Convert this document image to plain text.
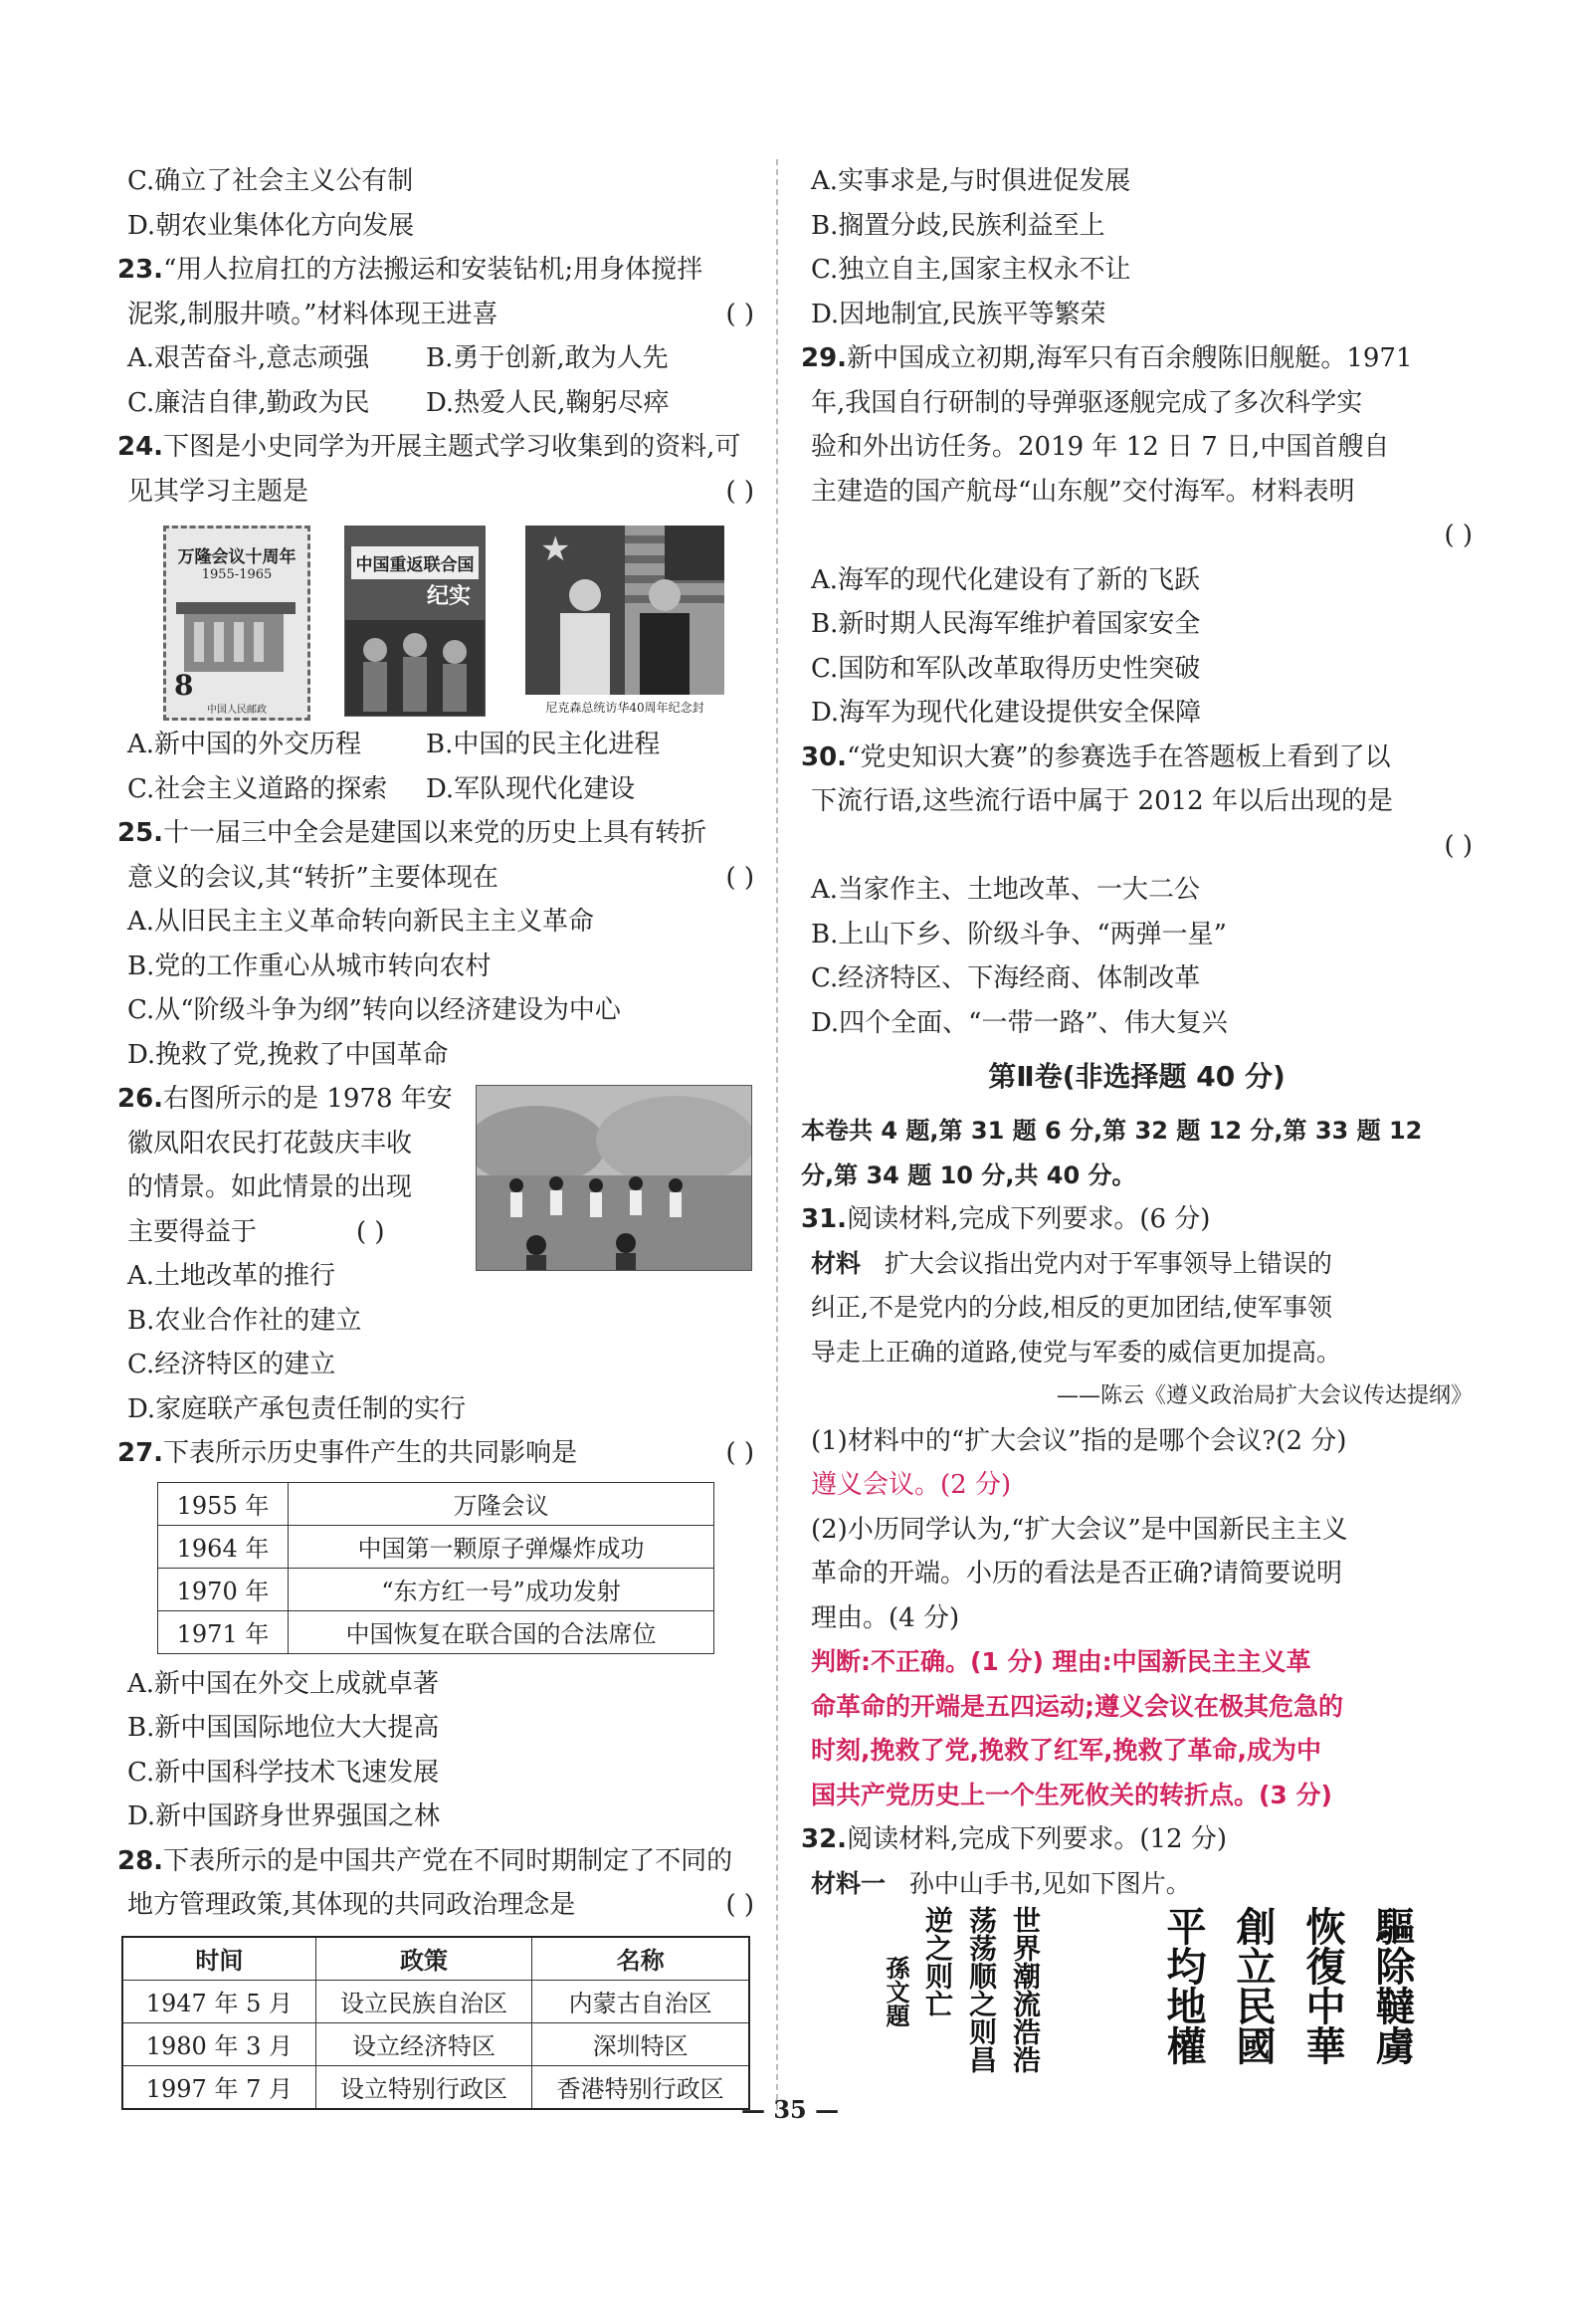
C.确立了社会主义公有制
D.朝农业集体化方向发展
23.“用人拉肩扛的方法搬运和安装钻机;用身体搅拌
泥浆,制服井喷。”材料体现王进喜	( )
A.艰苦奋斗,意志顽强 B.勇于创新,敢为人先
C.廉洁自律,勤政为民 D.热爱人民,鞠躬尽瘁
24.下图是小史同学为开展主题式学习收集到的资料,可
见其学习主题是	( )
万隆会议十周年
1955-1965
8
中国人民邮政
中国重返联合国
纪实
★
尼克森总统访华40周年纪念封
A.新中国的外交历程 B.中国的民主化进程
C.社会主义道路的探索 D.军队现代化建设
25.十一届三中全会是建国以来党的历史上具有转折
意义的会议,其“转折”主要体现在	( )
A.从旧民主主义革命转向新民主主义革命
B.党的工作重心从城市转向农村
C.从“阶级斗争为纲”转向以经济建设为中心
D.挽救了党,挽救了中国革命
26.右图所示的是 1978 年安
徽凤阳农民打花鼓庆丰收
的情景。如此情景的出现
主要得益于	( )
A.土地改革的推行
B.农业合作社的建立
C.经济特区的建立
D.家庭联产承包责任制的实行
27.下表所示历史事件产生的共同影响是	( )
1955 年	万隆会议
1964 年	中国第一颗原子弹爆炸成功
1970 年	“东方红一号”成功发射
1971 年	中国恢复在联合国的合法席位
A.新中国在外交上成就卓著
B.新中国国际地位大大提高
C.新中国科学技术飞速发展
D.新中国跻身世界强国之林
28.下表所示的是中国共产党在不同时期制定了不同的
地方管理政策,其体现的共同政治理念是	( )
时间	政策	名称
1947 年 5 月	设立民族自治区	内蒙古自治区
1980 年 3 月	设立经济特区	深圳特区
1997 年 7 月	设立特别行政区	香港特别行政区
A.实事求是,与时俱进促发展
B.搁置分歧,民族利益至上
C.独立自主,国家主权永不让
D.因地制宜,民族平等繁荣
29.新中国成立初期,海军只有百余艘陈旧舰艇。1971
年,我国自行研制的导弹驱逐舰完成了多次科学实
验和外出访任务。2019 年 12 日 7 日,中国首艘自
主建造的国产航母“山东舰”交付海军。材料表明
( )

A.海军的现代化建设有了新的飞跃
B.新时期人民海军维护着国家安全
C.国防和军队改革取得历史性突破
D.海军为现代化建设提供安全保障
30.“党史知识大赛”的参赛选手在答题板上看到了以
下流行语,这些流行语中属于 2012 年以后出现的是
( )

A.当家作主、土地改革、一大二公
B.上山下乡、阶级斗争、“两弹一星”
C.经济特区、下海经商、体制改革
D.四个全面、“一带一路”、伟大复兴
第Ⅱ卷(非选择题 40 分)
本卷共 4 题,第 31 题 6 分,第 32 题 12 分,第 33 题 12
分,第 34 题 10 分,共 40 分。
31.阅读材料,完成下列要求。(6 分)
材料 扩大会议指出党内对于军事领导上错误的
纠正,不是党内的分歧,相反的更加团结,使军事领
导走上正确的道路,使党与军委的威信更加提高。
——陈云《遵义政治局扩大会议传达提纲》
(1)材料中的“扩大会议”指的是哪个会议?(2 分)
遵义会议。(2 分)
(2)小历同学认为,“扩大会议”是中国新民主主义
革命的开端。小历的看法是否正确?请简要说明
理由。(4 分)
判断:不正确。(1 分) 理由:中国新民主主义革
命革命的开端是五四运动;遵义会议在极其危急的
时刻,挽救了党,挽救了红军,挽救了革命,成为中
国共产党历史上一个生死攸关的转折点。(3 分)
32.阅读材料,完成下列要求。(12 分)
材料一 孙中山手书,见如下图片。
世界潮流浩浩
荡荡顺之则昌
逆之则亡
孫文題	驅除韃虜
恢復中華
創立民國
平均地權
— 35 —
